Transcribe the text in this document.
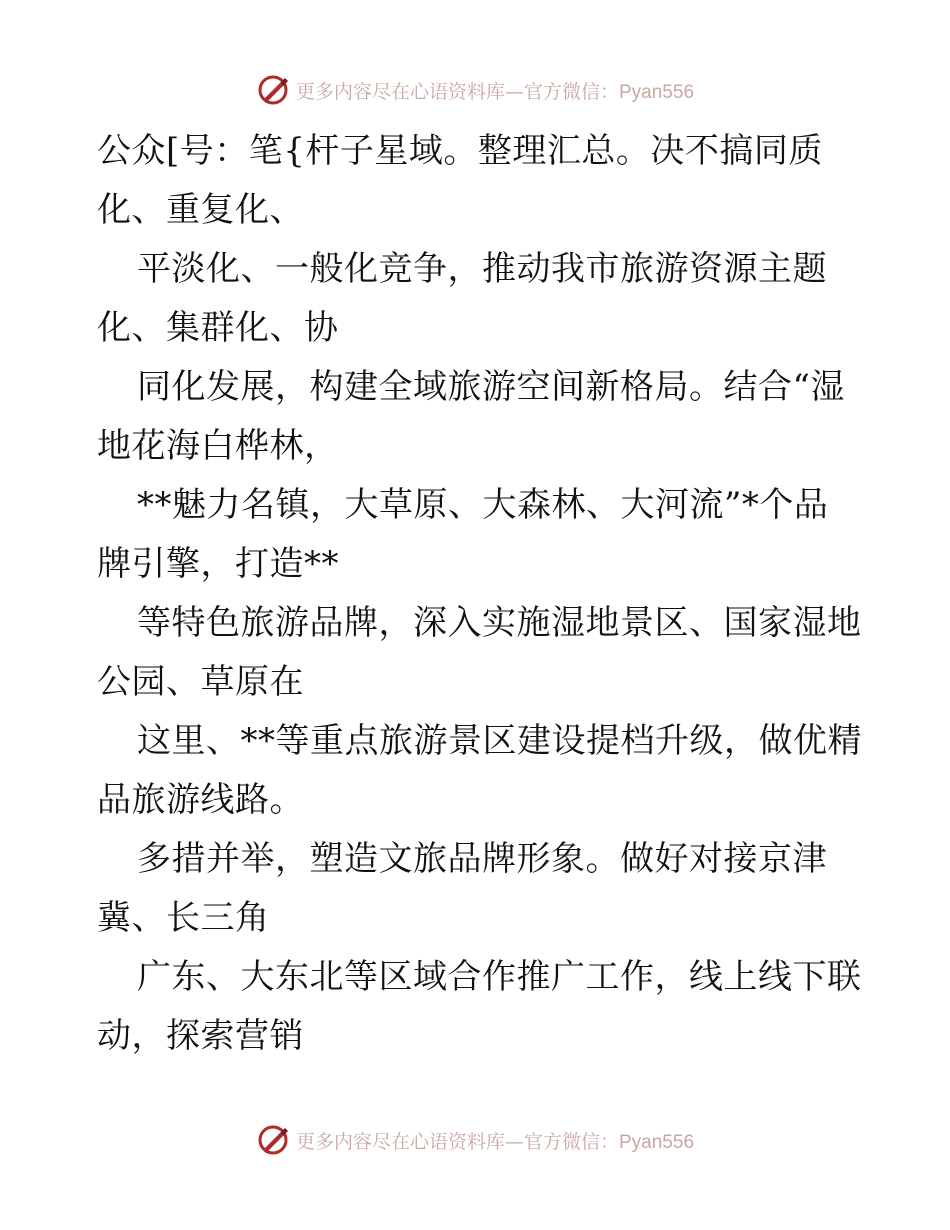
更多内容尽在心语资料库—官方微信：Pyan556
公众[号：笔{杆子星域。整理汇总。决不搞同质
化、重复化、
平淡化、一般化竞争，推动我市旅游资源主题
化、集群化、协
同化发展，构建全域旅游空间新格局。结合“湿
地花海白桦林，
**魅力名镇，大草原、大森林、大河流”*个品
牌引擎，打造**
等特色旅游品牌，深入实施湿地景区、国家湿地
公园、草原在
这里、**等重点旅游景区建设提档升级，做优精
品旅游线路。
多措并举，塑造文旅品牌形象。做好对接京津
冀、长三角
广东、大东北等区域合作推广工作，线上线下联
动，探索营销
更多内容尽在心语资料库—官方微信：Pyan556
